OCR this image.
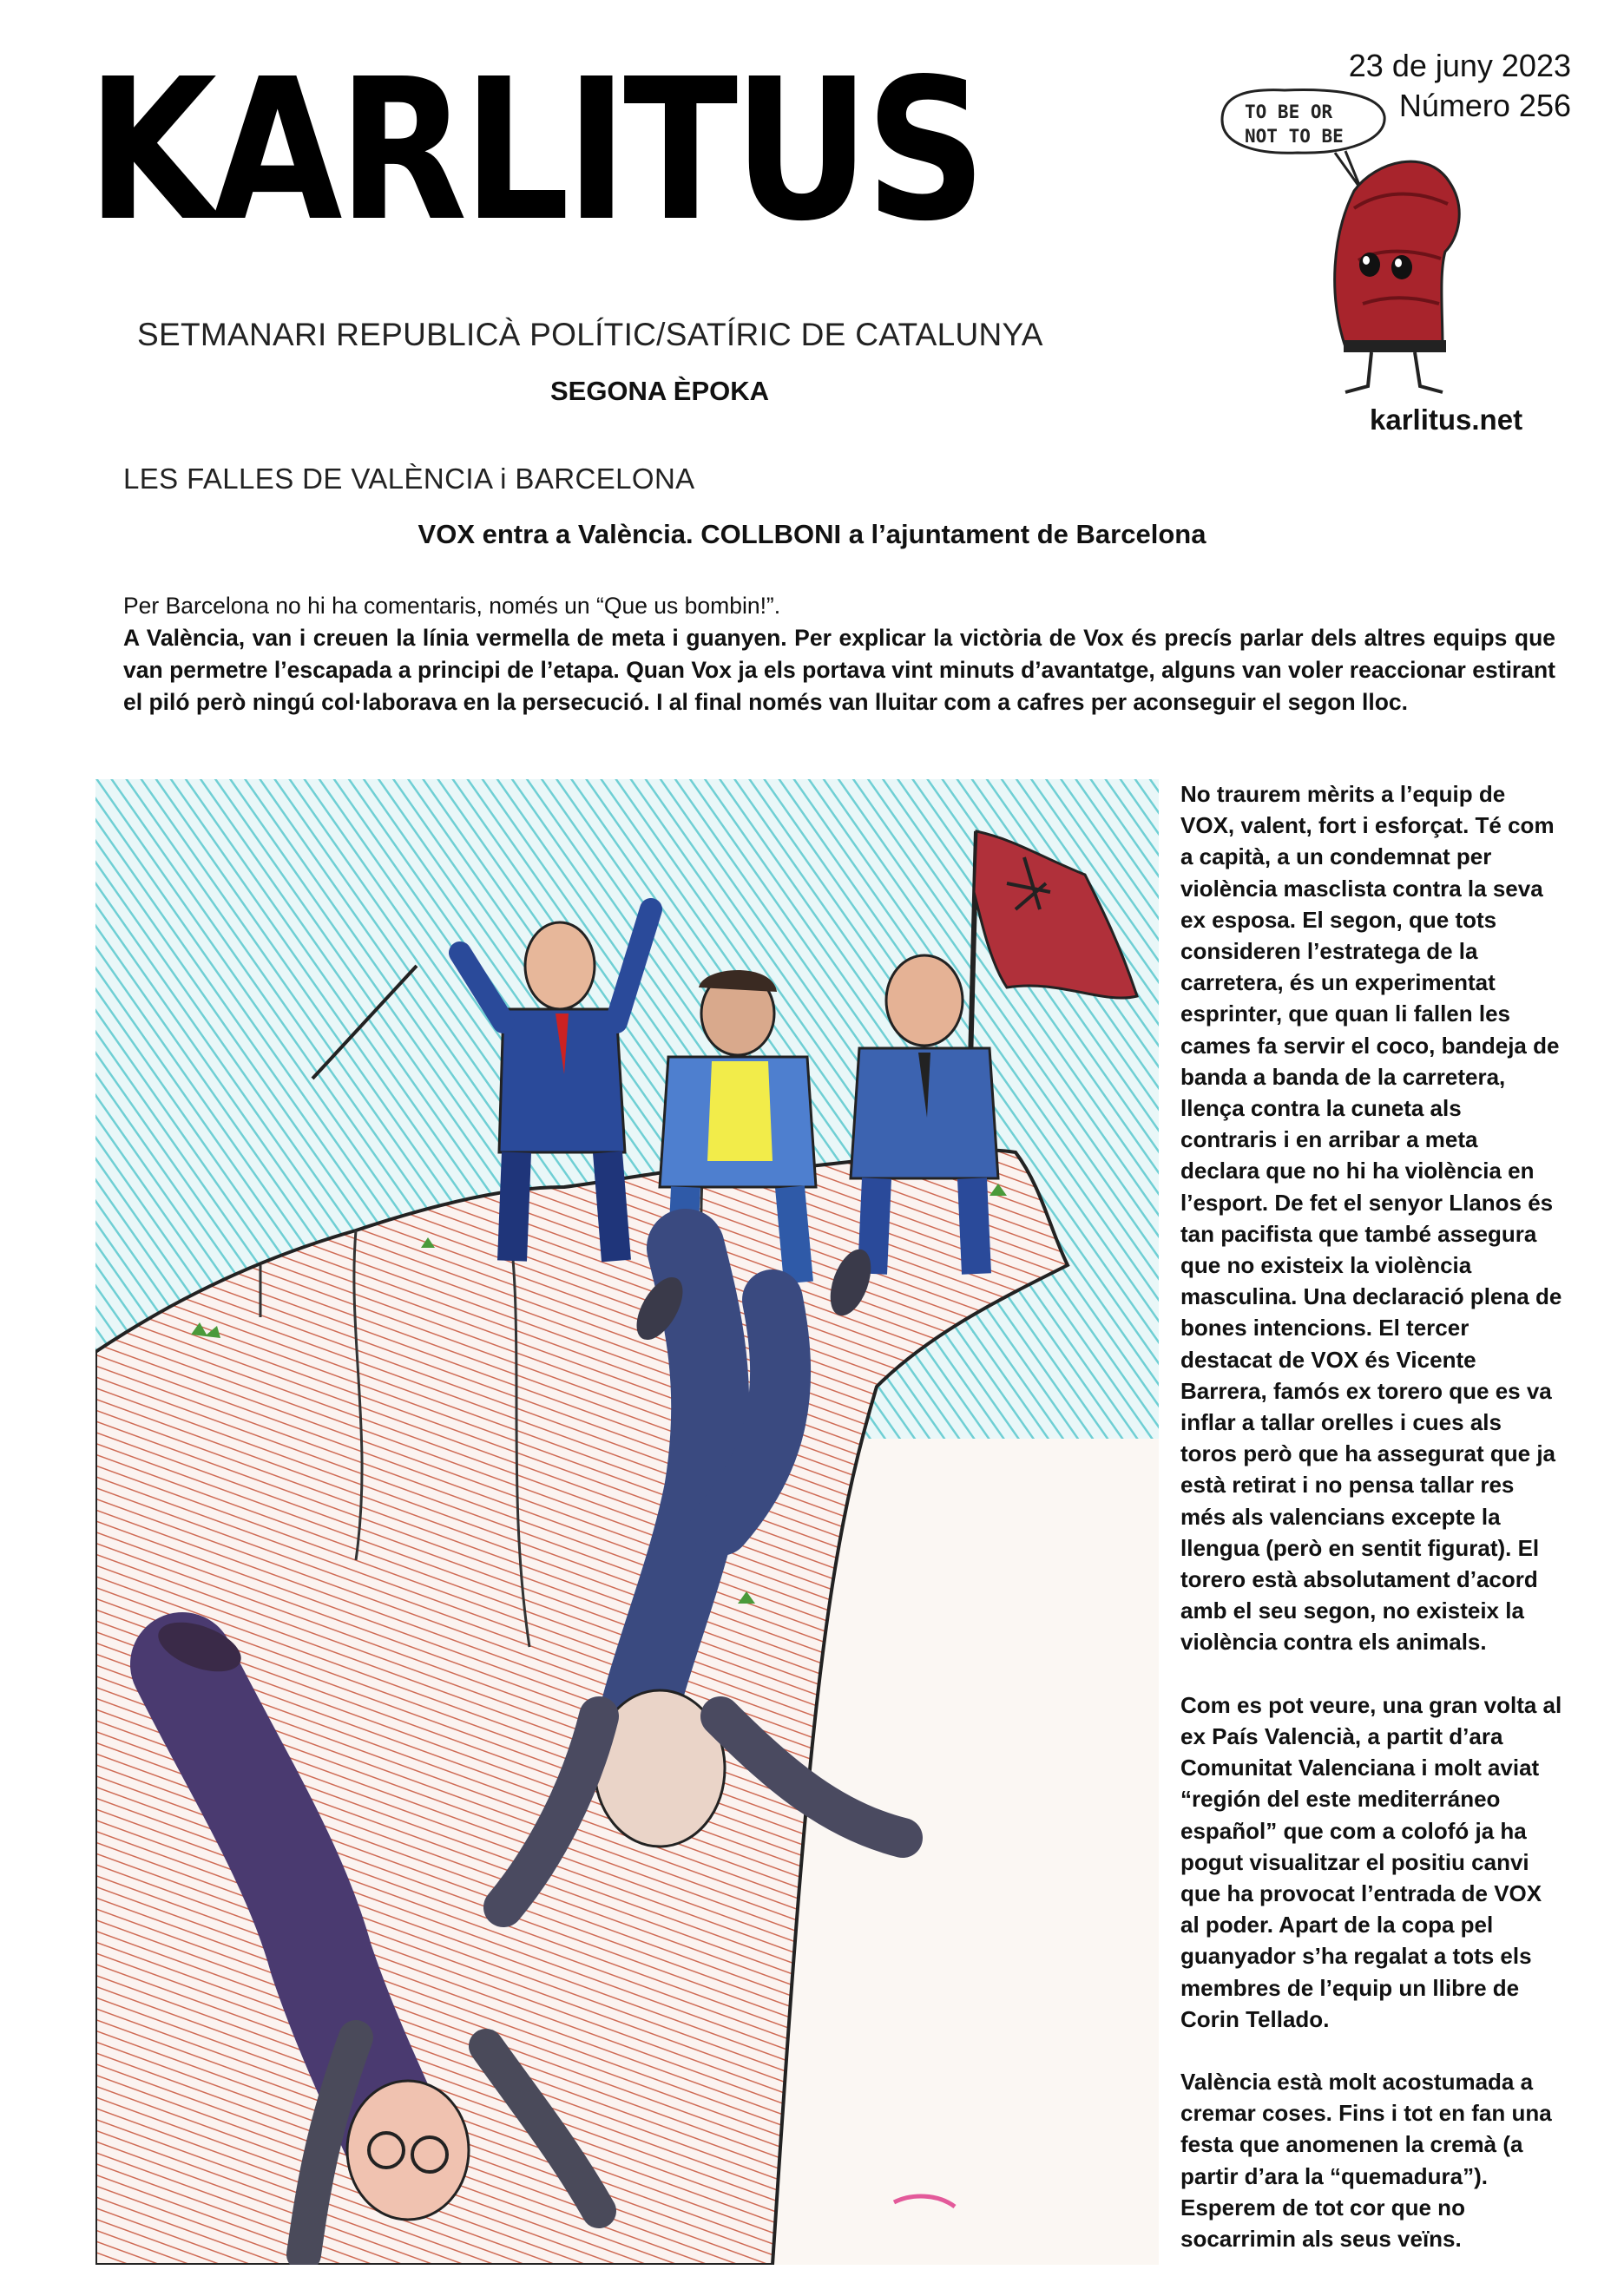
KARLITUS
SETMANARI REPUBLICÀ POLÍTIC/SATÍRIC DE CATALUNYA
SEGONA ÈPOKA
23 de juny 2023
Número 256
TO BE OR
NOT TO BE
karlitus.net
LES FALLES DE VALÈNCIA i BARCELONA
VOX entra a València. COLLBONI a l’ajuntament de Barcelona

Per Barcelona no hi ha comentaris, només un “Que us bombin!”.

A València, van i creuen la línia vermella de meta i guanyen. Per explicar la victòria de Vox és precís parlar dels altres equips que van permetre l’escapada a principi de l’etapa. Quan Vox ja els portava vint minuts d’avantatge, alguns van voler reaccionar estirant el piló però ningú col·laborava en la persecució. I al final només van lluitar com a cafres per aconseguir el segon lloc.

No traurem mèrits a l’equip de VOX, valent, fort i esforçat. Té com a capità, a un condemnat per violència masclista contra la seva ex esposa. El segon, que tots consideren l’estratega de la carretera, és un experimentat esprinter, que quan li fallen les cames fa servir el coco, bandeja de banda a banda de la carretera, llença contra la cuneta als contraris i en arribar a meta declara que no hi ha violència en l’esport. De fet el senyor Llanos és tan pacifista que també assegura que no existeix la violència masculina. Una declaració plena de bones intencions. El tercer destacat de VOX és Vicente Barrera, famós ex torero que es va inflar a tallar orelles i cues als toros però que ha assegurat que ja està retirat i no pensa tallar res més als valencians excepte la llengua (però en sentit figurat). El torero està absolutament d’acord amb el seu segon, no existeix la violència contra els animals.

Com es pot veure, una gran volta al ex País Valencià, a partit d’ara Comunitat Valenciana i molt aviat “región del este mediterráneo español” que com a colofó ja ha pogut visualitzar el positiu canvi que ha provocat l’entrada de VOX al poder. Apart de la copa pel guanyador s’ha regalat a tots els membres de l’equip un llibre de Corin Tellado.

València està molt acostumada a cremar coses. Fins i tot en fan una festa que anomenen la cremà (a partir d’ara la “quemadura”). Esperem de tot cor que no socarrimin als seus veïns.
